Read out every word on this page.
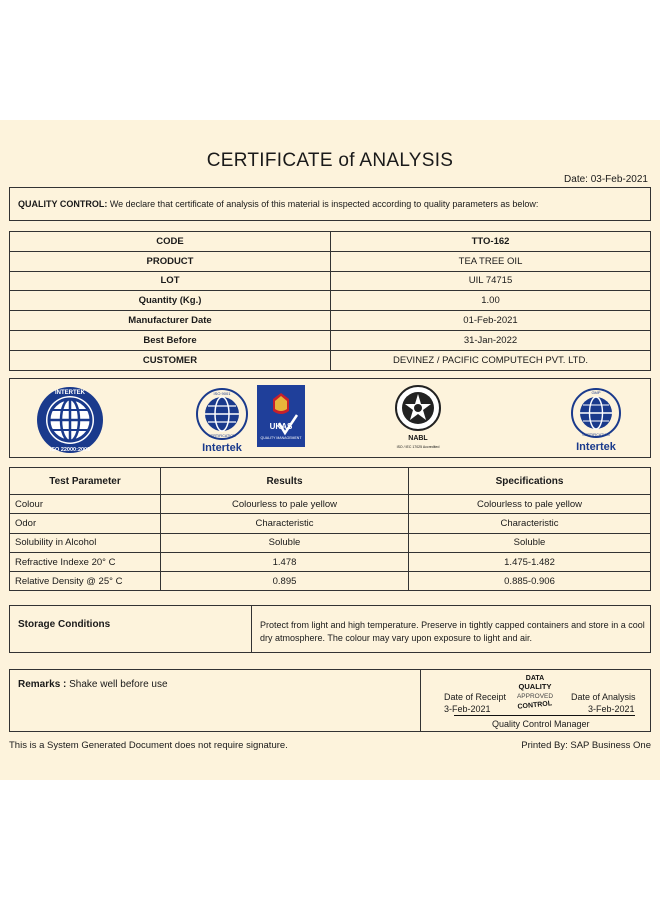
CERTIFICATE of ANALYSIS
Date: 03-Feb-2021
QUALITY CONTROL: We declare that certificate of analysis of this material is inspected according to quality parameters as below:
CODE	TTO-162
PRODUCT	TEA TREE OIL
LOT	UIL 74715
Quantity (Kg.)	1.00
Manufacturer Date	01-Feb-2021
Best Before	31-Jan-2022
CUSTOMER	DEVINEZ / PACIFIC COMPUTECH PVT. LTD.
INTERTEK
ISO 22000:2005
ISO 9001
CERTIFICATION
Intertek
UKAS
QUALITY MANAGEMENT	NABL
ISO / IEC 17025 Accredited
GMP
CERTIFICATION
Intertek
Test Parameter	Results	Specifications
Colour	Colourless to pale yellow	Colourless to pale yellow
Odor	Characteristic	Characteristic
Solubility in Alcohol	Soluble	Soluble
Refractive Indexe 20° C	1.478	1.475-1.482
Relative Density @ 25° C	0.895	0.885-0.906
Storage Conditions	Protect from light and high temperature. Preserve in tightly capped containers and store in a cool dry atmosphere. The colour may vary upon exposure to light and air.
Remarks : Shake well before use
Date of Receipt
3-Feb-2021
DATA
QUALITY
APPROVED
CONTROL
Date of Analysis
3-Feb-2021
Quality Control Manager
This is a System Generated Document does not require signature.	Printed By: SAP Business One
